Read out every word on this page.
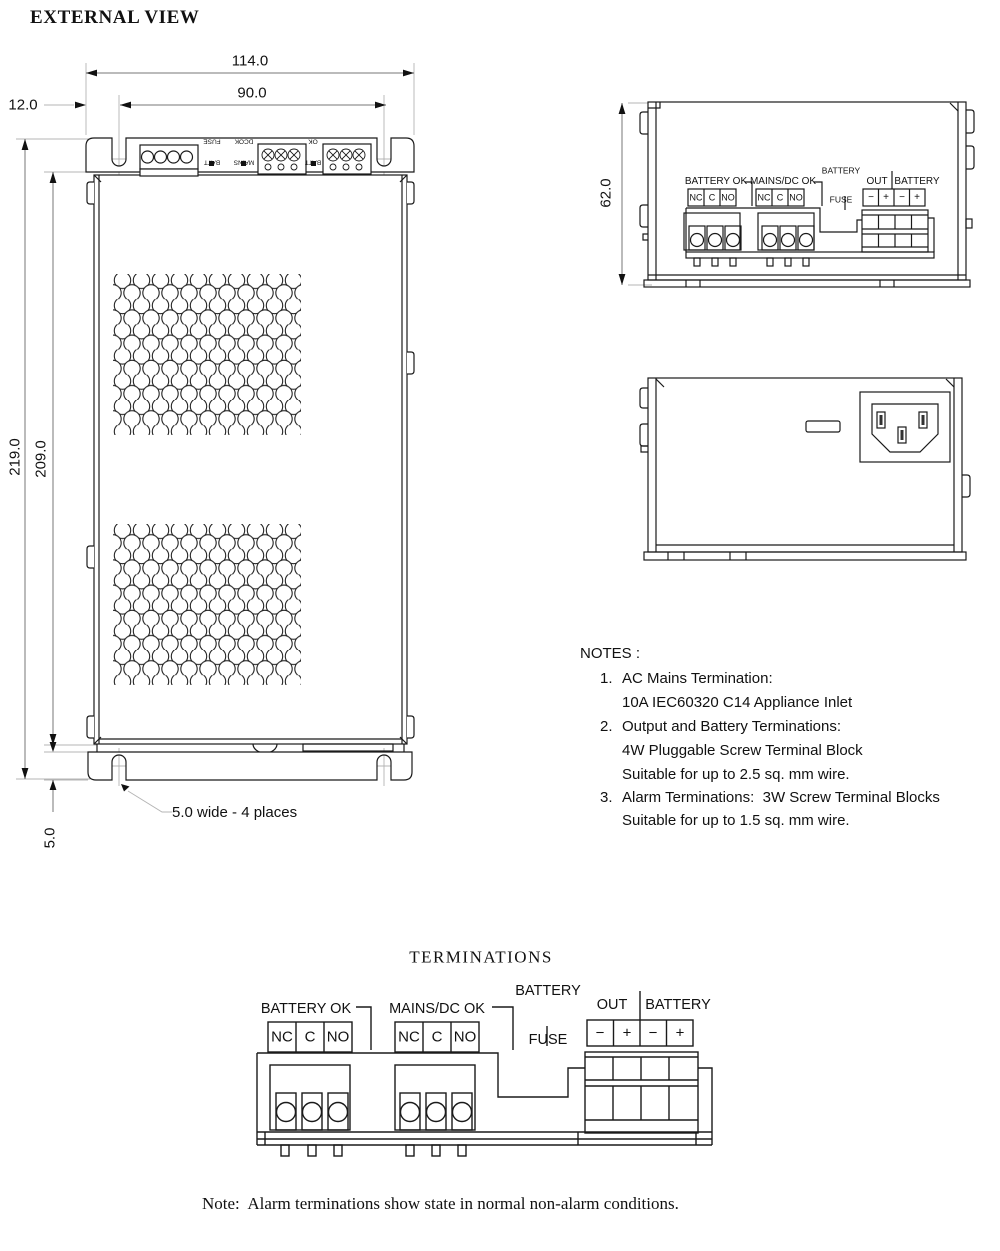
EXTERNAL VIEW
114.0
90.0
12.0
219.0 209.0
5.0
5.0 wide - 4 places

BATT

FUSE

MAINS

DCOK

BATT

OK

62.0	BATTERY OK MAINS/DC OK

BATTERY

FUSE

OUT BATTERY
NC C NO	NC C NO	− + − +
NOTES :
1. AC Mains Termination:
10A IEC60320 C14 Appliance Inlet
2. Output and Battery Terminations:
4W Pluggable Screw Terminal Block
Suitable for up to 2.5 sq. mm wire.
3. Alarm Terminations:  3W Screw Terminal Blocks
Suitable for up to 1.5 sq. mm wire.
TERMINATIONS
BATTERY OK	MAINS/DC OK

BATTERY

FUSE

OUT BATTERY
NC C NO	NC C NO	− + − +
Note:  Alarm terminations show state in normal non-alarm conditions.
